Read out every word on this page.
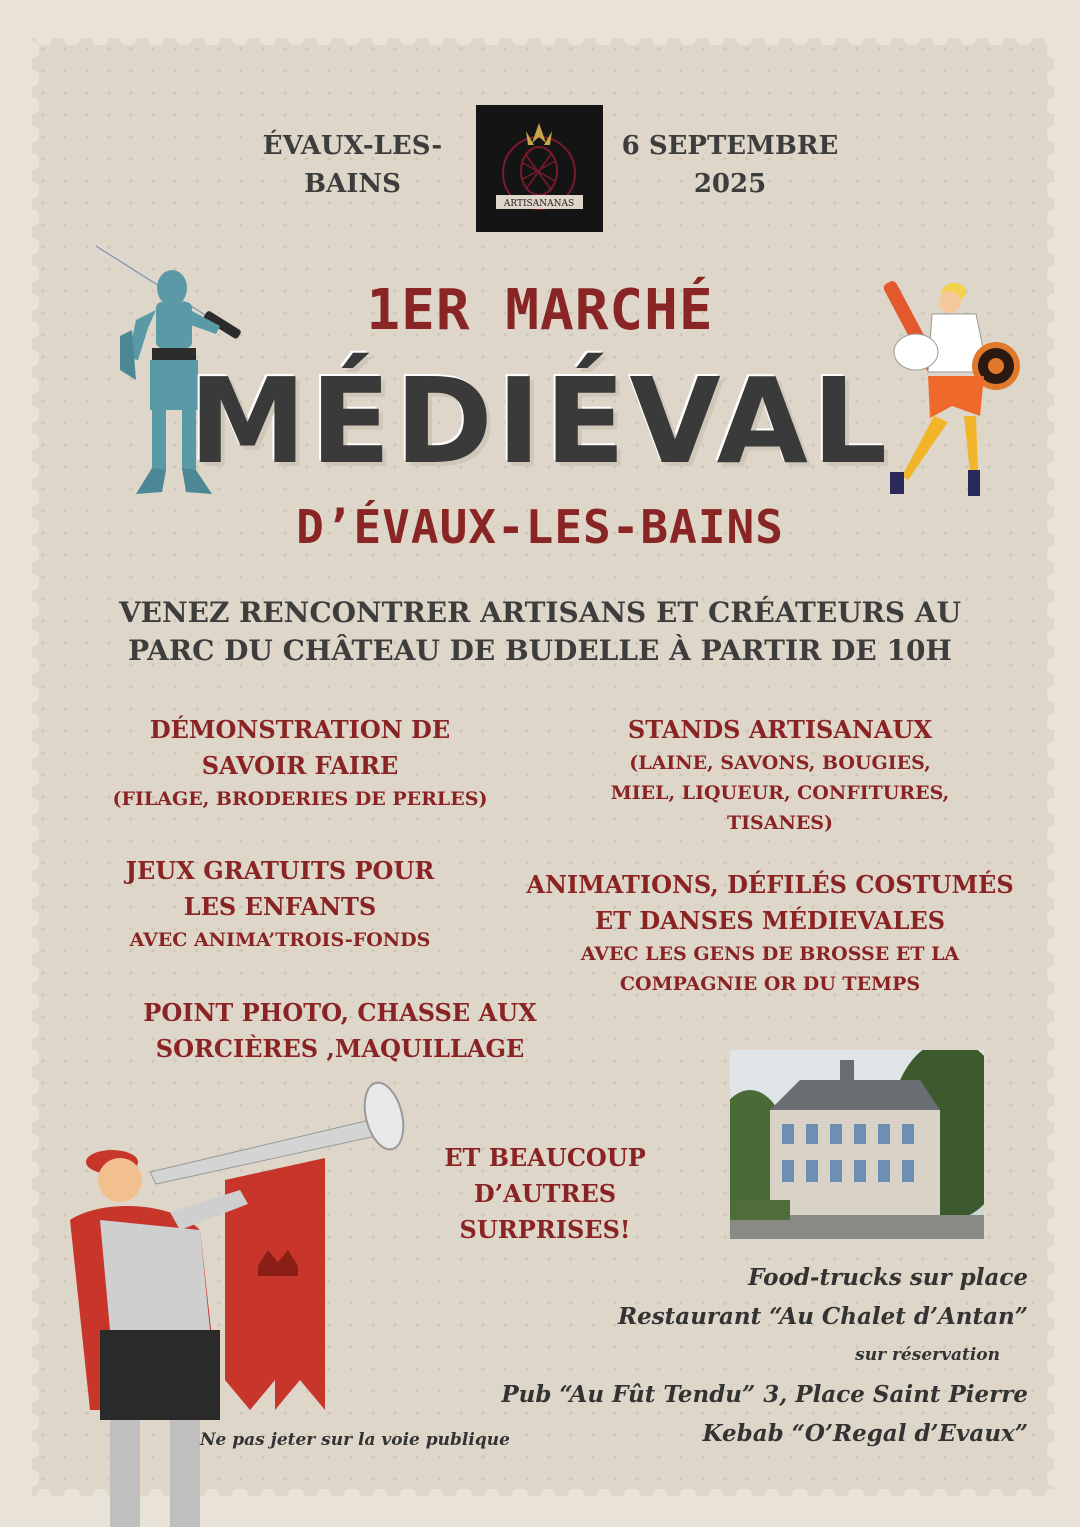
ÉVAUX-LES-
BAINS
ARTISANANAS
6 SEPTEMBRE
2025
1ER MARCHÉ
MÉDIÉVAL
D’ÉVAUX-LES-BAINS
VENEZ RENCONTRER ARTISANS ET CRÉATEURS AU
PARC DU CHÂTEAU DE BUDELLE À PARTIR DE 10H
DÉMONSTRATION DE
SAVOIR FAIRE
(FILAGE, BRODERIES DE PERLES)
STANDS ARTISANAUX
(LAINE, SAVONS, BOUGIES,
MIEL, LIQUEUR, CONFITURES,
TISANES)
JEUX GRATUITS POUR
LES ENFANTS
AVEC ANIMA’TROIS-FONDS
ANIMATIONS, DÉFILÉS COSTUMÉS
ET DANSES MÉDIEVALES
AVEC LES GENS DE BROSSE ET LA
COMPAGNIE OR DU TEMPS
POINT PHOTO, CHASSE AUX
SORCIÈRES ,MAQUILLAGE
ET BEAUCOUP
D’AUTRES SURPRISES!
Food-trucks sur place
Restaurant “Au Chalet d’Antan”
sur réservation
Pub “Au Fût Tendu” 3, Place Saint Pierre
Kebab “O’Regal d’Evaux”
Ne pas jeter sur la voie publique
